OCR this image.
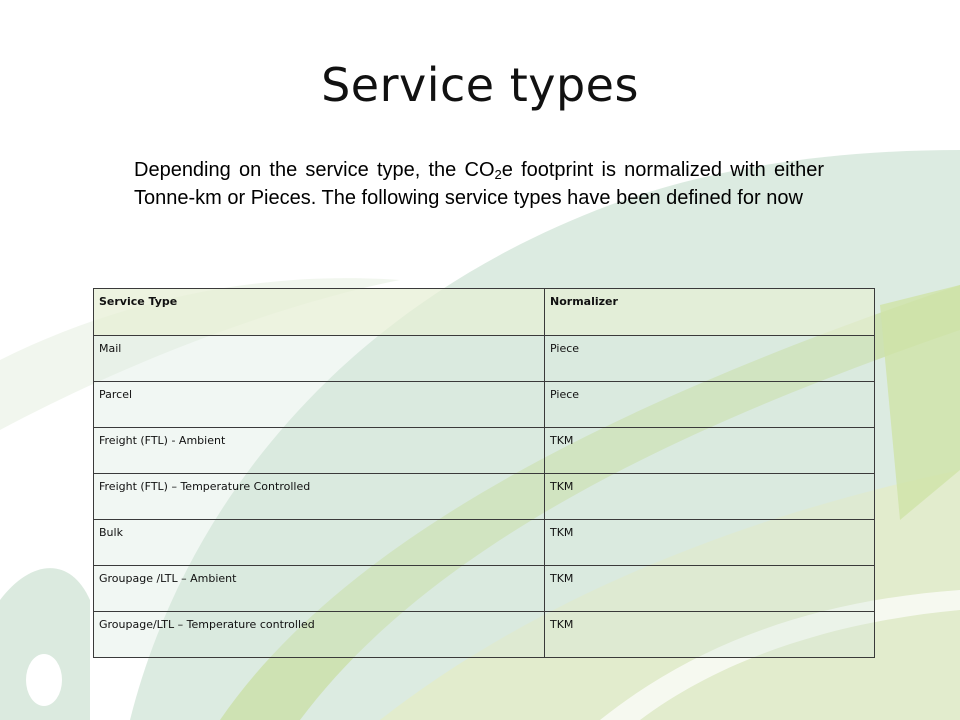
Service types
Depending on the service type, the $CO_2e$ footprint is normalized with either Tonne-km or Pieces. The following service types have been defined for now
Service Type	Normalizer
Mail	Piece
Parcel	Piece
Freight (FTL) - Ambient	TKM
Freight (FTL) – Temperature Controlled	TKM
Bulk	TKM
Groupage /LTL – Ambient	TKM
Groupage/LTL – Temperature controlled	TKM
